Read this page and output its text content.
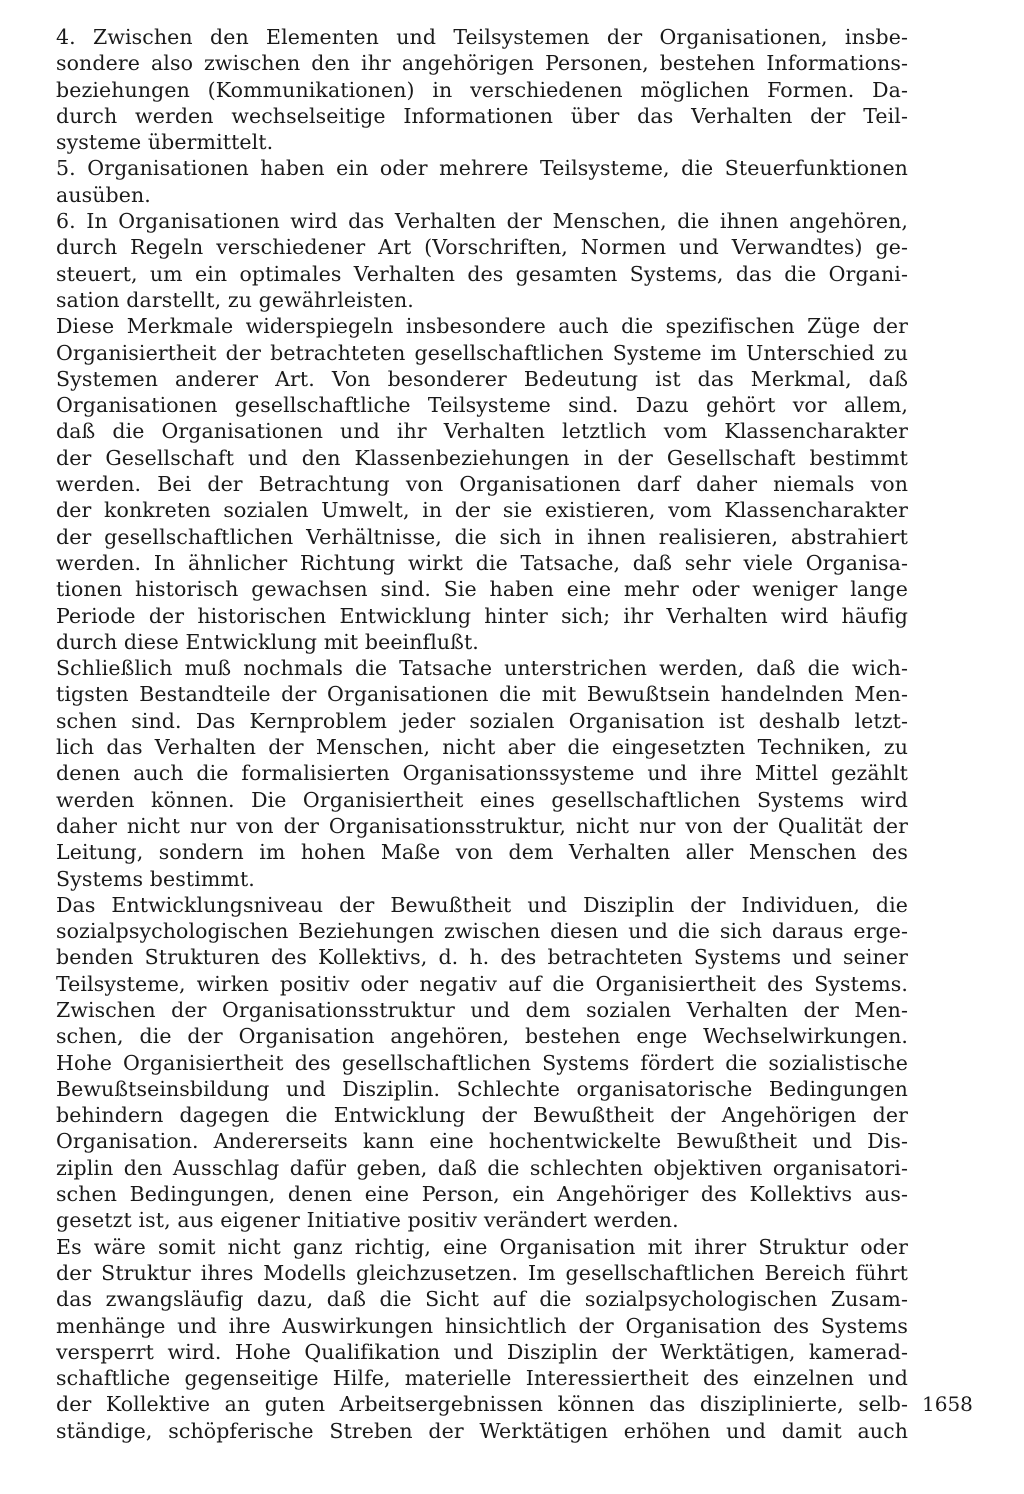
4. Zwischen den Elementen und Teilsystemen der Organisationen, insbe-
sondere also zwischen den ihr angehörigen Personen, bestehen Informations-
beziehungen (Kommunikationen) in verschiedenen möglichen Formen. Da-
durch werden wechselseitige Informationen über das Verhalten der Teil-
systeme übermittelt.
5. Organisationen haben ein oder mehrere Teilsysteme, die Steuerfunktionen
ausüben.
6. In Organisationen wird das Verhalten der Menschen, die ihnen angehören,
durch Regeln verschiedener Art (Vorschriften, Normen und Verwandtes) ge-
steuert, um ein optimales Verhalten des gesamten Systems, das die Organi-
sation darstellt, zu gewährleisten.
Diese Merkmale widerspiegeln insbesondere auch die spezifischen Züge der
Organisiertheit der betrachteten gesellschaftlichen Systeme im Unterschied zu
Systemen anderer Art. Von besonderer Bedeutung ist das Merkmal, daß
Organisationen gesellschaftliche Teilsysteme sind. Dazu gehört vor allem,
daß die Organisationen und ihr Verhalten letztlich vom Klassencharakter
der Gesellschaft und den Klassenbeziehungen in der Gesellschaft bestimmt
werden. Bei der Betrachtung von Organisationen darf daher niemals von
der konkreten sozialen Umwelt, in der sie existieren, vom Klassencharakter
der gesellschaftlichen Verhältnisse, die sich in ihnen realisieren, abstrahiert
werden. In ähnlicher Richtung wirkt die Tatsache, daß sehr viele Organisa-
tionen historisch gewachsen sind. Sie haben eine mehr oder weniger lange
Periode der historischen Entwicklung hinter sich; ihr Verhalten wird häufig
durch diese Entwicklung mit beeinflußt.
Schließlich muß nochmals die Tatsache unterstrichen werden, daß die wich-
tigsten Bestandteile der Organisationen die mit Bewußtsein handelnden Men-
schen sind. Das Kernproblem jeder sozialen Organisation ist deshalb letzt-
lich das Verhalten der Menschen, nicht aber die eingesetzten Techniken, zu
denen auch die formalisierten Organisationssysteme und ihre Mittel gezählt
werden können. Die Organisiertheit eines gesellschaftlichen Systems wird
daher nicht nur von der Organisationsstruktur, nicht nur von der Qualität der
Leitung, sondern im hohen Maße von dem Verhalten aller Menschen des
Systems bestimmt.
Das Entwicklungsniveau der Bewußtheit und Disziplin der Individuen, die
sozialpsychologischen Beziehungen zwischen diesen und die sich daraus erge-
benden Strukturen des Kollektivs, d. h. des betrachteten Systems und seiner
Teilsysteme, wirken positiv oder negativ auf die Organisiertheit des Systems.
Zwischen der Organisationsstruktur und dem sozialen Verhalten der Men-
schen, die der Organisation angehören, bestehen enge Wechselwirkungen.
Hohe Organisiertheit des gesellschaftlichen Systems fördert die sozialistische
Bewußtseinsbildung und Disziplin. Schlechte organisatorische Bedingungen
behindern dagegen die Entwicklung der Bewußtheit der Angehörigen der
Organisation. Andererseits kann eine hochentwickelte Bewußtheit und Dis-
ziplin den Ausschlag dafür geben, daß die schlechten objektiven organisatori-
schen Bedingungen, denen eine Person, ein Angehöriger des Kollektivs aus-
gesetzt ist, aus eigener Initiative positiv verändert werden.
Es wäre somit nicht ganz richtig, eine Organisation mit ihrer Struktur oder
der Struktur ihres Modells gleichzusetzen. Im gesellschaftlichen Bereich führt
das zwangsläufig dazu, daß die Sicht auf die sozialpsychologischen Zusam-
menhänge und ihre Auswirkungen hinsichtlich der Organisation des Systems
versperrt wird. Hohe Qualifikation und Disziplin der Werktätigen, kamerad-
schaftliche gegenseitige Hilfe, materielle Interessiertheit des einzelnen und
der Kollektive an guten Arbeitsergebnissen können das disziplinierte, selb-
ständige, schöpferische Streben der Werktätigen erhöhen und damit auch
1658
